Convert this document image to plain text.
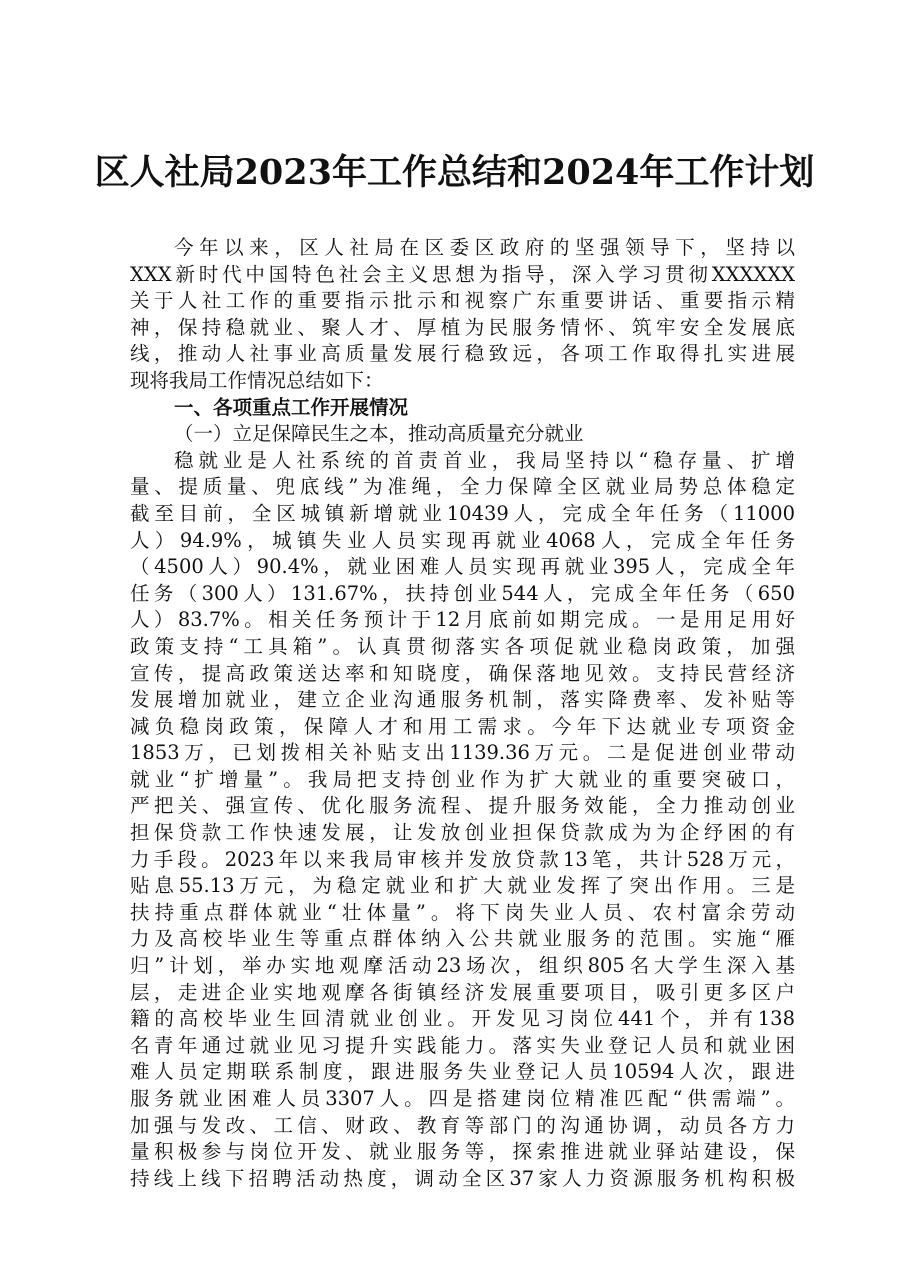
区人社局2023年工作总结和2024年工作计划
今年以来，区人社局在区委区政府的坚强领导下，坚持以
XXX新时代中国特色社会主义思想为指导，深入学习贯彻XXXXXX
关于人社工作的重要指示批示和视察广东重要讲话、重要指示精
神，保持稳就业、聚人才、厚植为民服务情怀、筑牢安全发展底
线，推动人社事业高质量发展行稳致远，各项工作取得扎实进展
现将我局工作情况总结如下：
一、各项重点工作开展情况
（一）立足保障民生之本，推动高质量充分就业
稳就业是人社系统的首责首业，我局坚持以“稳存量、扩增
量、提质量、兜底线”为准绳，全力保障全区就业局势总体稳定
截至目前，全区城镇新增就业10439人，完成全年任务（11000
人）94.9%，城镇失业人员实现再就业4068人，完成全年任务
（4500人）90.4%，就业困难人员实现再就业395人，完成全年
任务（300人）131.67%，扶持创业544人，完成全年任务（650
人）83.7%。相关任务预计于12月底前如期完成。一是用足用好
政策支持“工具箱”。认真贯彻落实各项促就业稳岗政策，加强
宣传，提高政策送达率和知晓度，确保落地见效。支持民营经济
发展增加就业，建立企业沟通服务机制，落实降费率、发补贴等
减负稳岗政策，保障人才和用工需求。今年下达就业专项资金
1853万，已划拨相关补贴支出1139.36万元。二是促进创业带动
就业“扩增量”。我局把支持创业作为扩大就业的重要突破口，
严把关、强宣传、优化服务流程、提升服务效能，全力推动创业
担保贷款工作快速发展，让发放创业担保贷款成为为企纾困的有
力手段。2023年以来我局审核并发放贷款13笔，共计528万元，
贴息55.13万元，为稳定就业和扩大就业发挥了突出作用。三是
扶持重点群体就业“壮体量”。将下岗失业人员、农村富余劳动
力及高校毕业生等重点群体纳入公共就业服务的范围。实施“雁
归”计划，举办实地观摩活动23场次，组织805名大学生深入基
层，走进企业实地观摩各街镇经济发展重要项目，吸引更多区户
籍的高校毕业生回清就业创业。开发见习岗位441个，并有138
名青年通过就业见习提升实践能力。落实失业登记人员和就业困
难人员定期联系制度，跟进服务失业登记人员10594人次，跟进
服务就业困难人员3307人。四是搭建岗位精准匹配“供需端”。
加强与发改、工信、财政、教育等部门的沟通协调，动员各方力
量积极参与岗位开发、就业服务等，探索推进就业驿站建设，保
持线上线下招聘活动热度，调动全区37家人力资源服务机构积极
